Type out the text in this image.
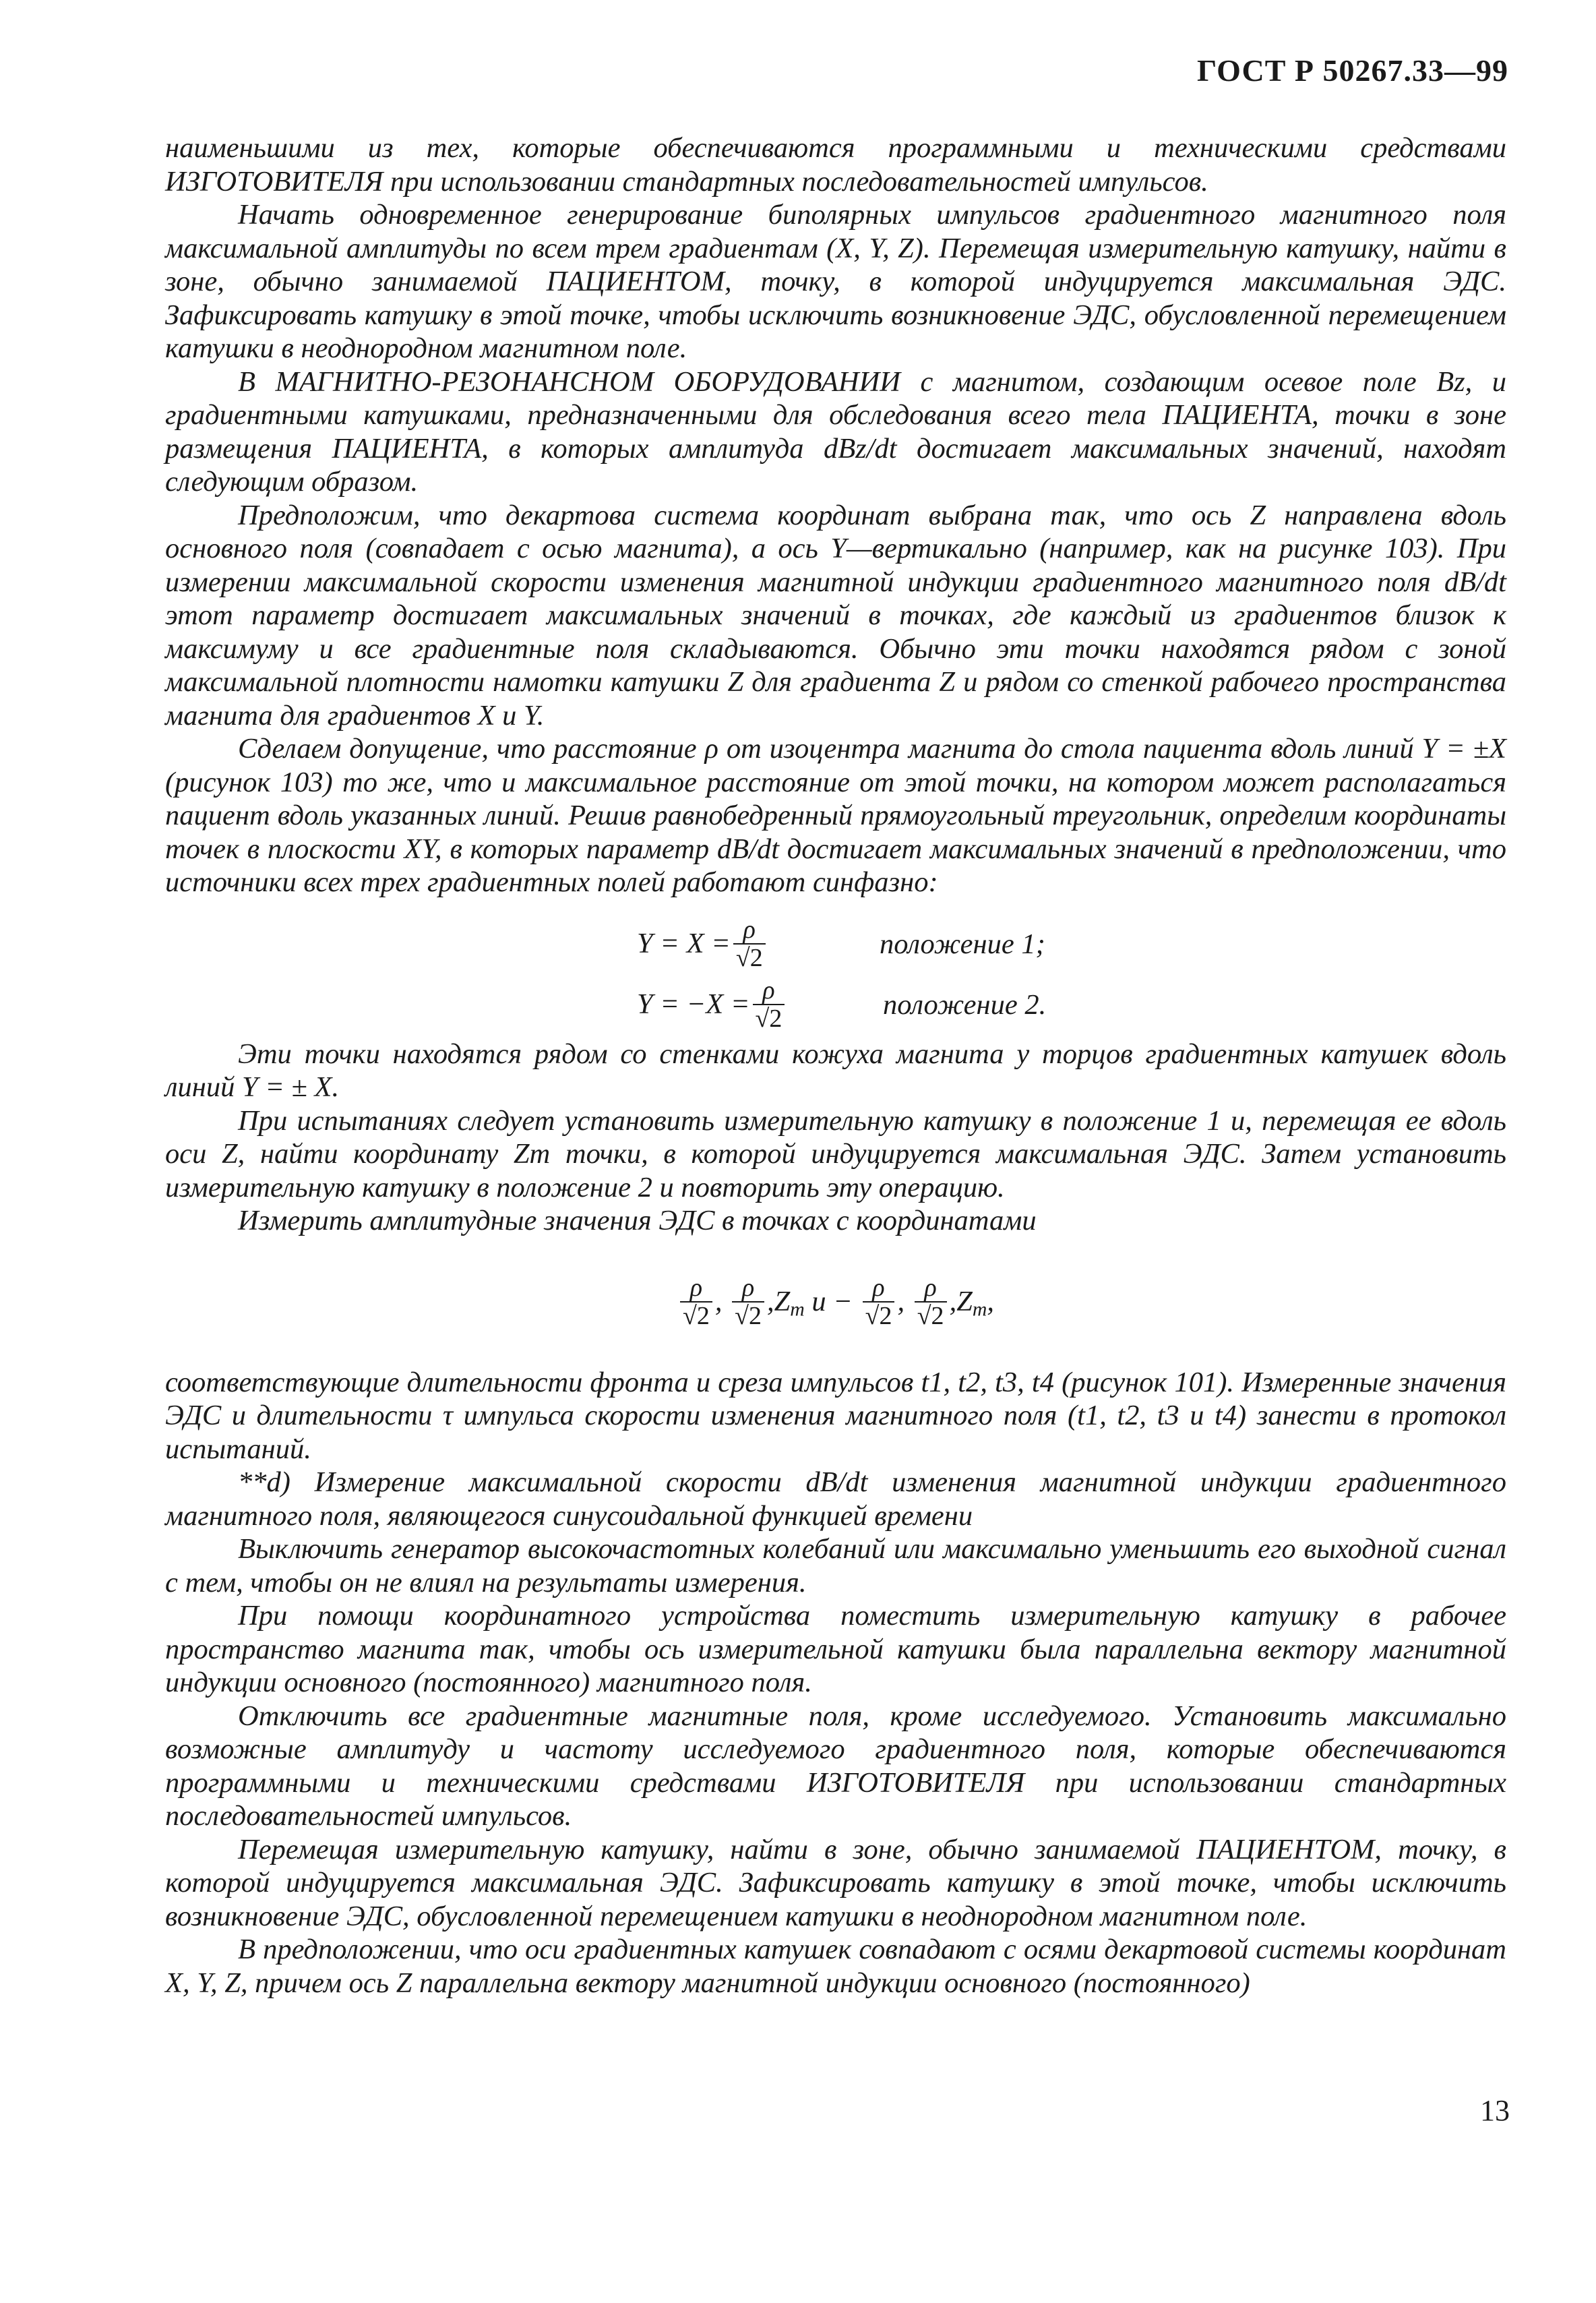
ГОСТ Р 50267.33—99

наименьшими из тех, которые обеспечиваются программными и техническими средствами ИЗГОТОВИТЕЛЯ при использовании стандартных последовательностей импульсов.

Начать одновременное генерирование биполярных импульсов градиентного магнитного поля максимальной амплитуды по всем трем градиентам (X, Y, Z). Перемещая измерительную катушку, найти в зоне, обычно занимаемой ПАЦИЕНТОМ, точку, в которой индуцируется максимальная ЭДС. Зафиксировать катушку в этой точке, чтобы исключить возникновение ЭДС, обусловленной перемещением катушки в неоднородном магнитном поле.

В МАГНИТНО-РЕЗОНАНСНОМ ОБОРУДОВАНИИ с магнитом, создающим осевое поле Bz, и градиентными катушками, предназначенными для обследования всего тела ПАЦИЕНТА, точки в зоне размещения ПАЦИЕНТА, в которых амплитуда dBz/dt достигает максимальных значений, находят следующим образом.

Предположим, что декартова система координат выбрана так, что ось Z направлена вдоль основного поля (совпадает с осью магнита), а ось Y—вертикально (например, как на рисунке 103). При измерении максимальной скорости изменения магнитной индукции градиентного магнитного поля dB/dt этот параметр достигает максимальных значений в точках, где каждый из градиентов близок к максимуму и все градиентные поля складываются. Обычно эти точки находятся рядом с зоной максимальной плотности намотки катушки Z для градиента Z и рядом со стенкой рабочего пространства магнита для градиентов X и Y.

Сделаем допущение, что расстояние ρ от изоцентра магнита до стола пациента вдоль линий Y = ±X (рисунок 103) то же, что и максимальное расстояние от этой точки, на котором может располагаться пациент вдоль указанных линий. Решив равнобедренный прямоугольный треугольник, определим координаты точек в плоскости XY, в которых параметр dB/dt достигает максимальных значений в предположении, что источники всех трех градиентных полей работают синфазно:

$Y = X = \frac{\rho}{√2}$	положение 1;
$Y = -X = \frac{\rho}{√2}$	положение 2.

Эти точки находятся рядом со стенками кожуха магнита у торцов градиентных катушек вдоль линий Y = ± X.

При испытаниях следует установить измерительную катушку в положение 1 и, перемещая ее вдоль оси Z, найти координату Zm точки, в которой индуцируется максимальная ЭДС. Затем установить измерительную катушку в положение 2 и повторить эту операцию.

Измерить амплитудные значения ЭДС в точках с координатами

$\frac{\rho}{√2}$ ,
$\frac{\rho}{√2}$ , $Z_m$
и −
$\frac{\rho}{√2}$ ,
$\frac{\rho}{√2}$ , $Z_m$ ,

соответствующие длительности фронта и среза импульсов t1, t2, t3, t4 (рисунок 101). Измеренные значения ЭДС и длительности τ импульса скорости изменения магнитного поля (t1, t2, t3 и t4) занести в протокол испытаний.

**d) Измерение максимальной скорости dB/dt изменения магнитной индукции градиентного магнитного поля, являющегося синусоидальной функцией времени

Выключить генератор высокочастотных колебаний или максимально уменьшить его выходной сигнал с тем, чтобы он не влиял на результаты измерения.

При помощи координатного устройства поместить измерительную катушку в рабочее пространство магнита так, чтобы ось измерительной катушки была параллельна вектору магнитной индукции основного (постоянного) магнитного поля.

Отключить все градиентные магнитные поля, кроме исследуемого. Установить максимально возможные амплитуду и частоту исследуемого градиентного поля, которые обеспечиваются программными и техническими средствами ИЗГОТОВИТЕЛЯ при использовании стандартных последовательностей импульсов.

Перемещая измерительную катушку, найти в зоне, обычно занимаемой ПАЦИЕНТОМ, точку, в которой индуцируется максимальная ЭДС. Зафиксировать катушку в этой точке, чтобы исключить возникновение ЭДС, обусловленной перемещением катушки в неоднородном магнитном поле.

В предположении, что оси градиентных катушек совпадают с осями декартовой системы координат X, Y, Z, причем ось Z параллельна вектору магнитной индукции основного (постоянного)

13
